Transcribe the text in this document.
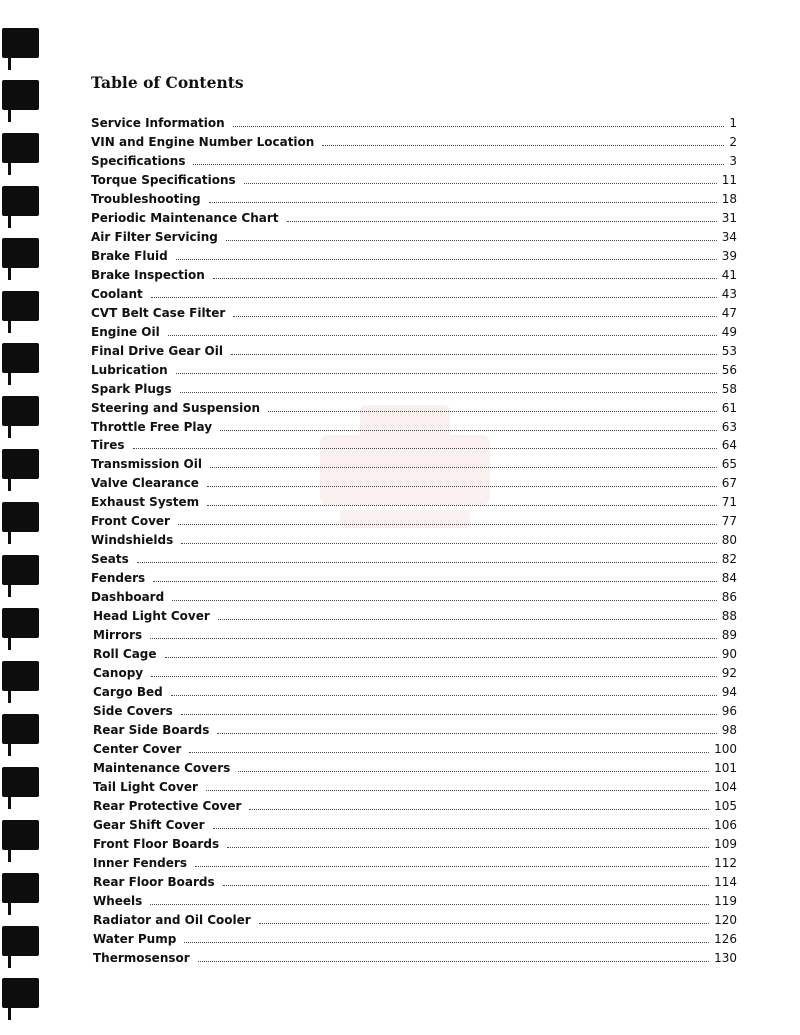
Table of Contents
Service Information	1
VIN and Engine Number Location	2
Specifications	3
Torque Specifications	11
Troubleshooting	18
Periodic Maintenance Chart	31
Air Filter Servicing	34
Brake Fluid	39
Brake Inspection	41
Coolant	43
CVT Belt Case Filter	47
Engine Oil	49
Final Drive Gear Oil	53
Lubrication	56
Spark Plugs	58
Steering and Suspension	61
Throttle Free Play	63
Tires	64
Transmission Oil	65
Valve Clearance	67
Exhaust System	71
Front Cover	77
Windshields	80
Seats	82
Fenders	84
Dashboard	86
Head Light Cover	88
Mirrors	89
Roll Cage	90
Canopy	92
Cargo Bed	94
Side Covers	96
Rear Side Boards	98
Center Cover	100
Maintenance Covers	101
Tail Light Cover	104
Rear Protective Cover	105
Gear Shift Cover	106
Front Floor Boards	109
Inner Fenders	112
Rear Floor Boards	114
Wheels	119
Radiator and Oil Cooler	120
Water Pump	126
Thermosensor	130
